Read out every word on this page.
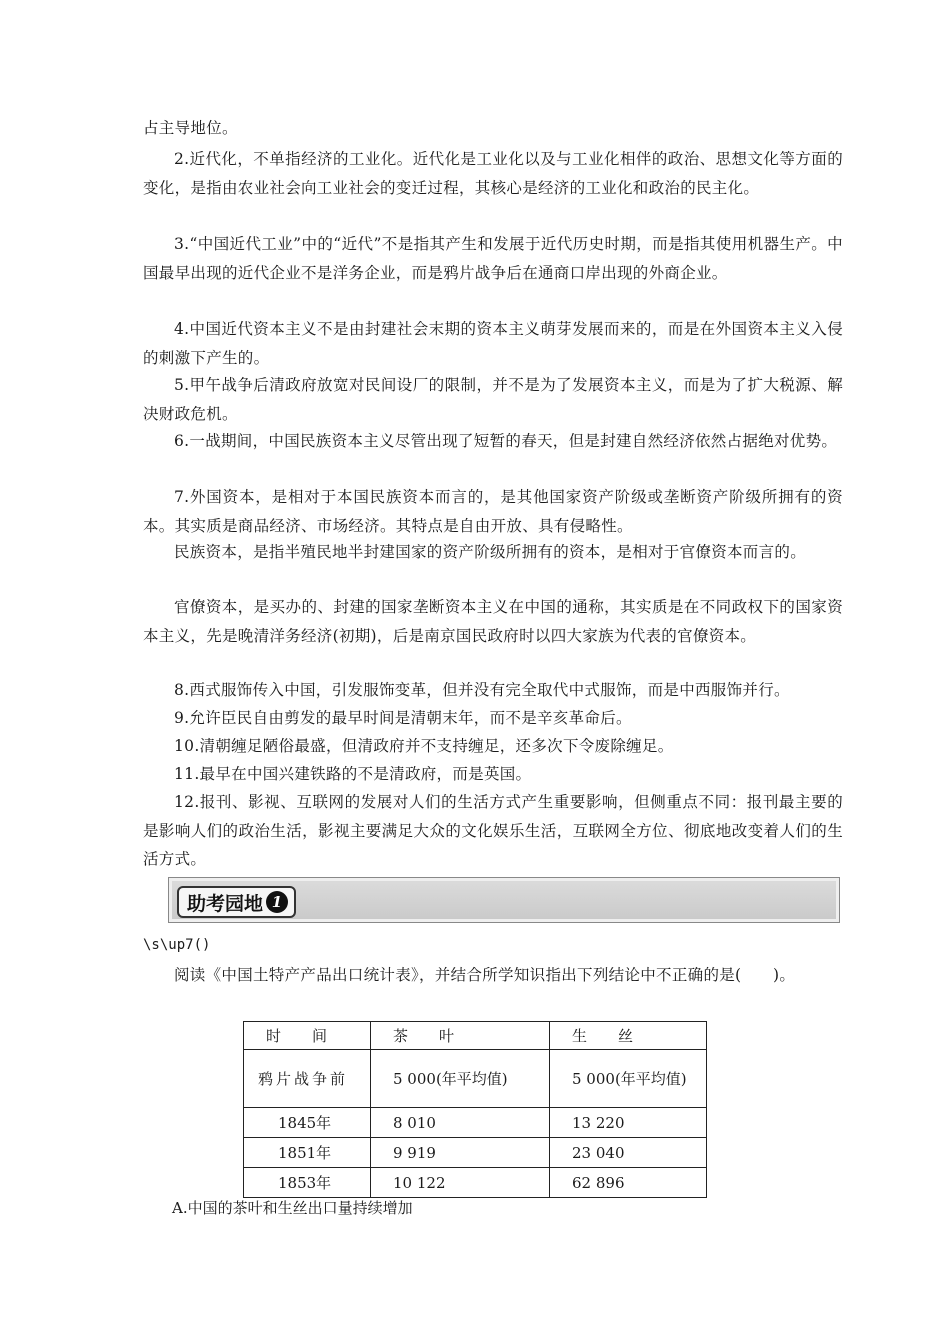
占主导地位。

2.近代化，不单指经济的工业化。近代化是工业化以及与工业化相伴的政治、思想文化等方面的变化，是指由农业社会向工业社会的变迁过程，其核心是经济的工业化和政治的民主化。

3.“中国近代工业”中的“近代”不是指其产生和发展于近代历史时期，而是指其使用机器生产。中国最早出现的近代企业不是洋务企业，而是鸦片战争后在通商口岸出现的外商企业。

4.中国近代资本主义不是由封建社会末期的资本主义萌芽发展而来的，而是在外国资本主义入侵的刺激下产生的。

5.甲午战争后清政府放宽对民间设厂的限制，并不是为了发展资本主义，而是为了扩大税源、解决财政危机。

6.一战期间，中国民族资本主义尽管出现了短暂的春天，但是封建自然经济依然占据绝对优势。

7.外国资本，是相对于本国民族资本而言的，是其他国家资产阶级或垄断资产阶级所拥有的资本。其实质是商品经济、市场经济。其特点是自由开放、具有侵略性。

民族资本，是指半殖民地半封建国家的资产阶级所拥有的资本，是相对于官僚资本而言的。

官僚资本，是买办的、封建的国家垄断资本主义在中国的通称，其实质是在不同政权下的国家资本主义，先是晚清洋务经济(初期)，后是南京国民政府时以四大家族为代表的官僚资本。

8.西式服饰传入中国，引发服饰变革，但并没有完全取代中式服饰，而是中西服饰并行。

9.允许臣民自由剪发的最早时间是清朝末年，而不是辛亥革命后。

10.清朝缠足陋俗最盛，但清政府并不支持缠足，还多次下令废除缠足。

11.最早在中国兴建铁路的不是清政府，而是英国。

12.报刊、影视、互联网的发展对人们的生活方式产生重要影响，但侧重点不同：报刊最主要的是影响人们的政治生活，影视主要满足大众的文化娱乐生活，互联网全方位、彻底地改变着人们的生活方式。

助考园地 1
\s\up7()

阅读《中国土特产产品出口统计表》，并结合所学知识指出下列结论中不正确的是(　　)。

时　间	茶　叶	生　丝
鸦片战争前	5 000(年平均值)	5 000(年平均值)
1845年	8 010	13 220
1851年	9 919	23 040
1853年	10 122	62 896
A.中国的茶叶和生丝出口量持续增加
